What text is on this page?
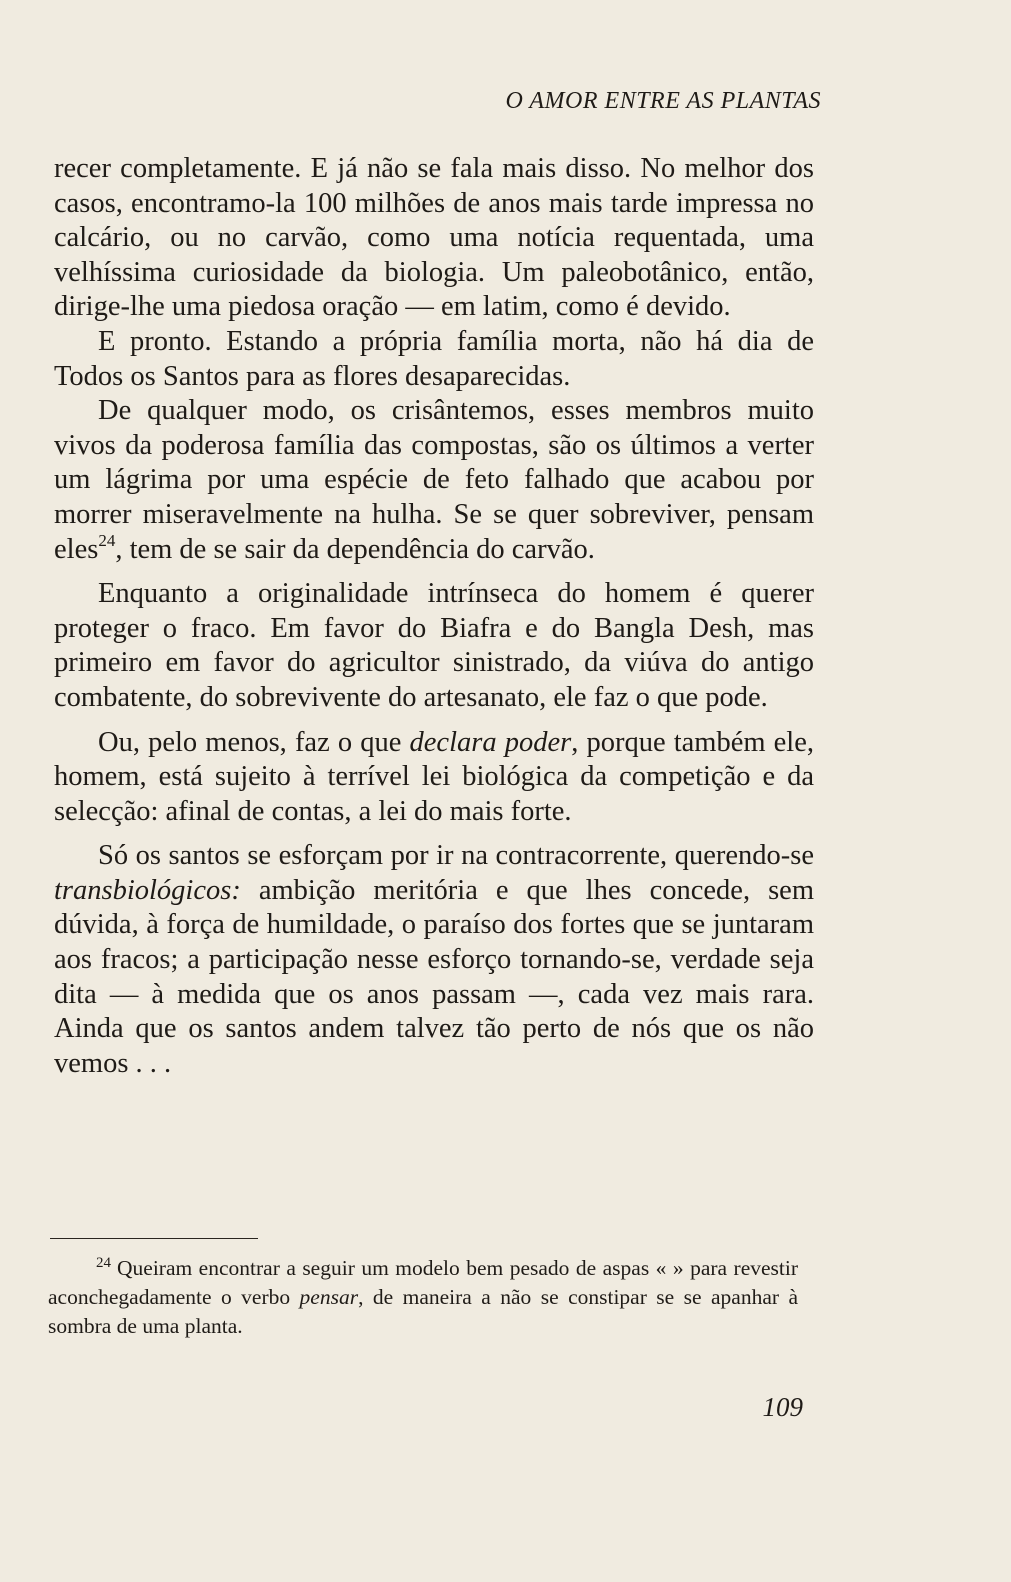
O AMOR ENTRE AS PLANTAS

recer completamente. E já não se fala mais disso. No melhor dos casos, encontramo-la 100 milhões de anos mais tarde impressa no calcário, ou no carvão, como uma notícia requentada, uma velhíssima curiosidade da biologia. Um paleobotânico, então, dirige-lhe uma piedosa oração — em latim, como é devido.

E pronto. Estando a própria família morta, não há dia de Todos os Santos para as flores desaparecidas.

De qualquer modo, os crisântemos, esses membros muito vivos da poderosa família das compostas, são os últimos a verter um lágrima por uma espécie de feto falhado que acabou por morrer miseravelmente na hulha. Se se quer sobreviver, pensam eles$^{24}$, tem de se sair da dependência do carvão.

Enquanto a originalidade intrínseca do homem é querer proteger o fraco. Em favor do Biafra e do Bangla Desh, mas primeiro em favor do agricultor sinistrado, da viúva do antigo combatente, do sobrevivente do artesanato, ele faz o que pode.

Ou, pelo menos, faz o que declara poder, porque também ele, homem, está sujeito à terrível lei biológica da competição e da selecção: afinal de contas, a lei do mais forte.

Só os santos se esforçam por ir na contracorrente, querendo-se transbiológicos: ambição meritória e que lhes concede, sem dúvida, à força de humildade, o paraíso dos fortes que se juntaram aos fracos; a participação nesse esforço tornando-se, verdade seja dita — à medida que os anos passam —, cada vez mais rara. Ainda que os santos andem talvez tão perto de nós que os não vemos . . .

$^{24}$ Queiram encontrar a seguir um modelo bem pesado de aspas « » para revestir aconchegadamente o verbo pensar, de maneira a não se constipar se se apanhar à sombra de uma planta.

109
